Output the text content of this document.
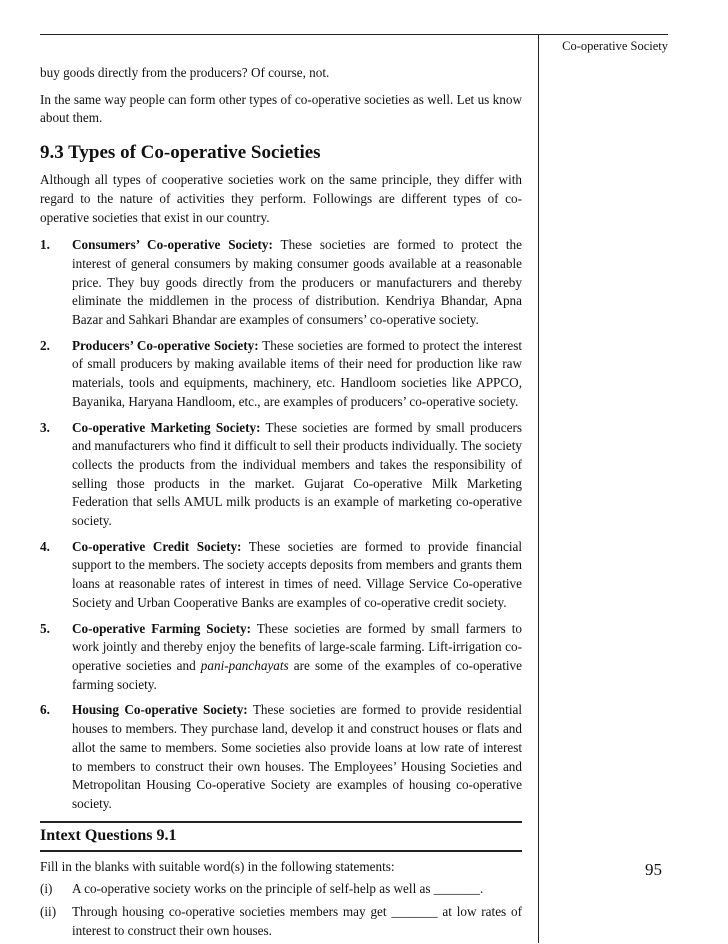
Co-operative Society

buy goods directly from the producers? Of course, not.

In the same way people can form other types of co-operative societies as well. Let us know about them.

9.3 Types of Co-operative Societies

Although all types of cooperative societies work on the same principle, they differ with regard to the nature of activities they perform. Followings are different types of co-operative societies that exist in our country.

1. Consumers’ Co-operative Society: These societies are formed to protect the interest of general consumers by making consumer goods available at a reasonable price. They buy goods directly from the producers or manufacturers and thereby eliminate the middlemen in the process of distribution. Kendriya Bhandar, Apna Bazar and Sahkari Bhandar are examples of consumers’ co-operative society.
2. Producers’ Co-operative Society: These societies are formed to protect the interest of small producers by making available items of their need for production like raw materials, tools and equipments, machinery, etc. Handloom societies like APPCO, Bayanika, Haryana Handloom, etc., are examples of producers’ co-operative society.
3. Co-operative Marketing Society: These societies are formed by small producers and manufacturers who find it difficult to sell their products individually. The society collects the products from the individual members and takes the responsibility of selling those products in the market. Gujarat Co-operative Milk Marketing Federation that sells AMUL milk products is an example of marketing co-operative society.
4. Co-operative Credit Society: These societies are formed to provide financial support to the members. The society accepts deposits from members and grants them loans at reasonable rates of interest in times of need. Village Service Co-operative Society and Urban Cooperative Banks are examples of co-operative credit society.
5. Co-operative Farming Society: These societies are formed by small farmers to work jointly and thereby enjoy the benefits of large-scale farming. Lift-irrigation co-operative societies and pani-panchayats are some of the examples of co-operative farming society.
6. Housing Co-operative Society: These societies are formed to provide residential houses to members. They purchase land, develop it and construct houses or flats and allot the same to members. Some societies also provide loans at low rate of interest to members to construct their own houses. The Employees’ Housing Societies and Metropolitan Housing Co-operative Society are examples of housing co-operative society.
Intext Questions 9.1

Fill in the blanks with suitable word(s) in the following statements:

(i) A co-operative society works on the principle of self-help as well as _______.
(ii) Through housing co-operative societies members may get _______ at low rates of interest to construct their own houses.
95
